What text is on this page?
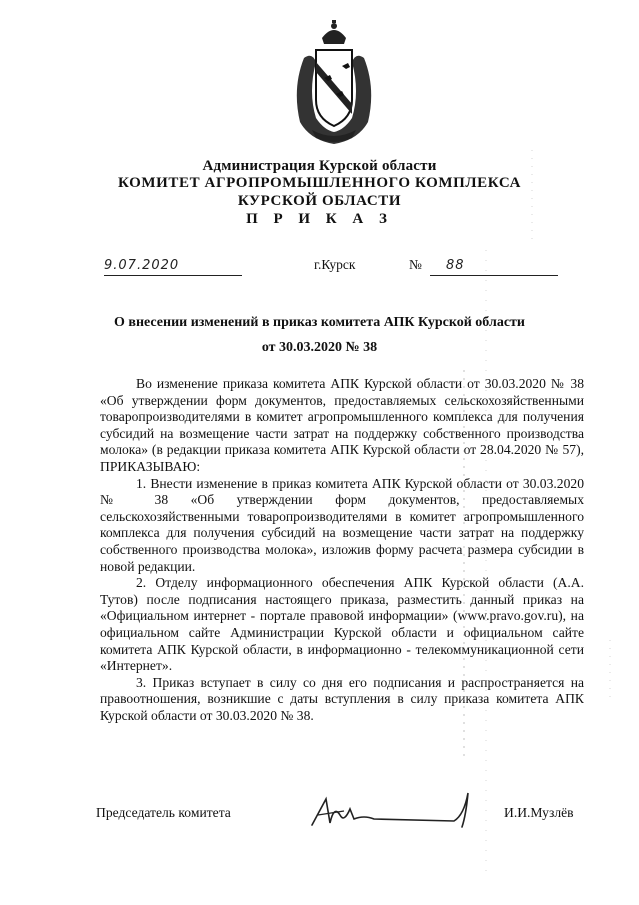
Администрация Курской области
КОМИТЕТ АГРОПРОМЫШЛЕННОГО КОМПЛЕКСА
КУРСКОЙ ОБЛАСТИ
П Р И К А З
9.07.2020	г.Курск	№	88
О внесении изменений в приказ комитета АПК Курской области
от 30.03.2020 № 38

Во изменение приказа комитета АПК Курской области от 30.03.2020 № 38 «Об утверждении форм документов, предоставляемых сельскохозяйственными товаропроизводителями в комитет агропромышленного комплекса для получения субсидий на возмещение части затрат на поддержку собственного производства молока» (в редакции приказа комитета АПК Курской области от 28.04.2020 № 57), ПРИКАЗЫВАЮ:

1. Внести изменение в приказ комитета АПК Курской области от 30.03.2020 № 38 «Об утверждении форм документов, предоставляемых сельскохозяйственными товаропроизводителями в комитет агропромышленного комплекса для получения субсидий на возмещение части затрат на поддержку собственного производства молока», изложив форму расчета размера субсидии в новой редакции.

2. Отделу информационного обеспечения АПК Курской области (А.А. Тутов) после подписания настоящего приказа, разместить данный приказ на «Официальном интернет - портале правовой информации» (www.pravo.gov.ru), на официальном сайте Администрации Курской области и официальном сайте комитета АПК Курской области, в информационно - телекоммуникационной сети «Интернет».

3. Приказ вступает в силу со дня его подписания и распространяется на правоотношения, возникшие с даты вступления в силу приказа комитета АПК Курской области от 30.03.2020 № 38.

Председатель комитета	И.И.Музлёв
